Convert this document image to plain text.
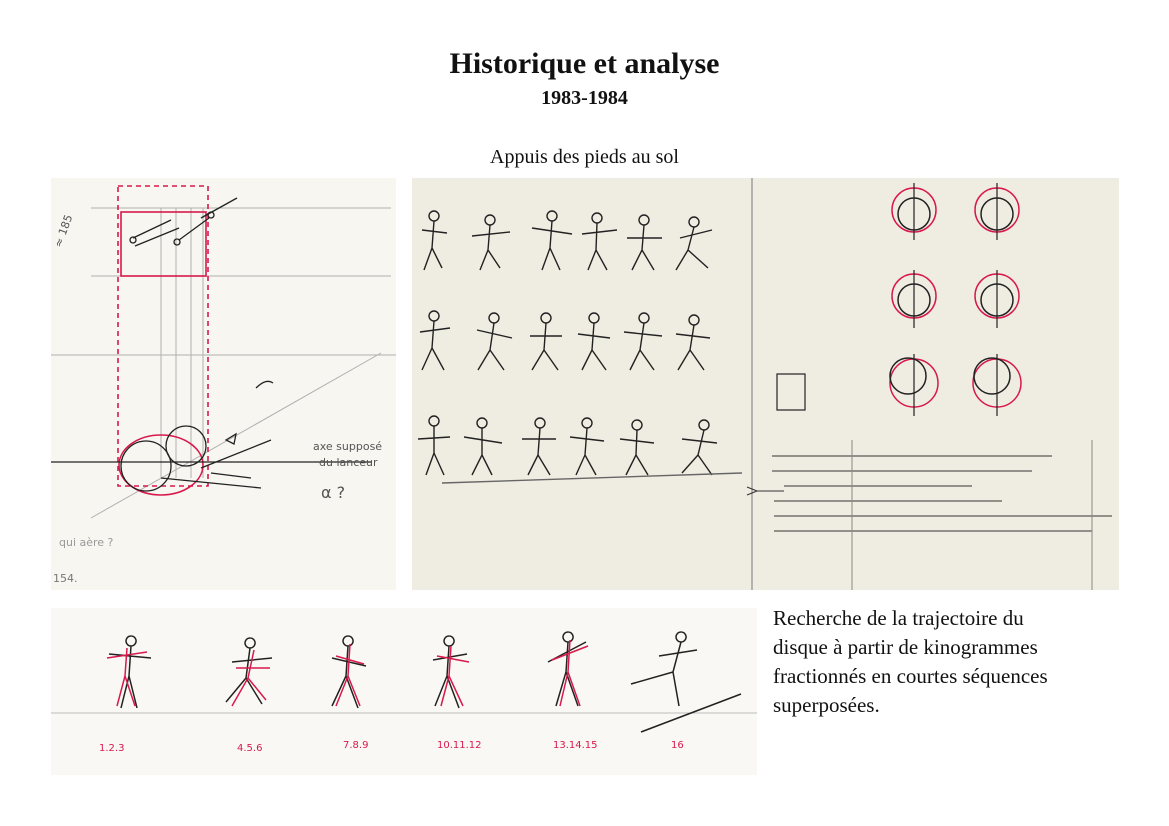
Historique et analyse
1983-1984
Appuis des pieds au sol
≈ 185
axe supposé
du lanceur
α ?
qui aère ?
154.
1.2.3	4.5.6	7.8.9	10.11.12	13.14.15	16
Recherche de la trajectoire du
disque à partir de kinogrammes
fractionnés en courtes séquences
superposées.
